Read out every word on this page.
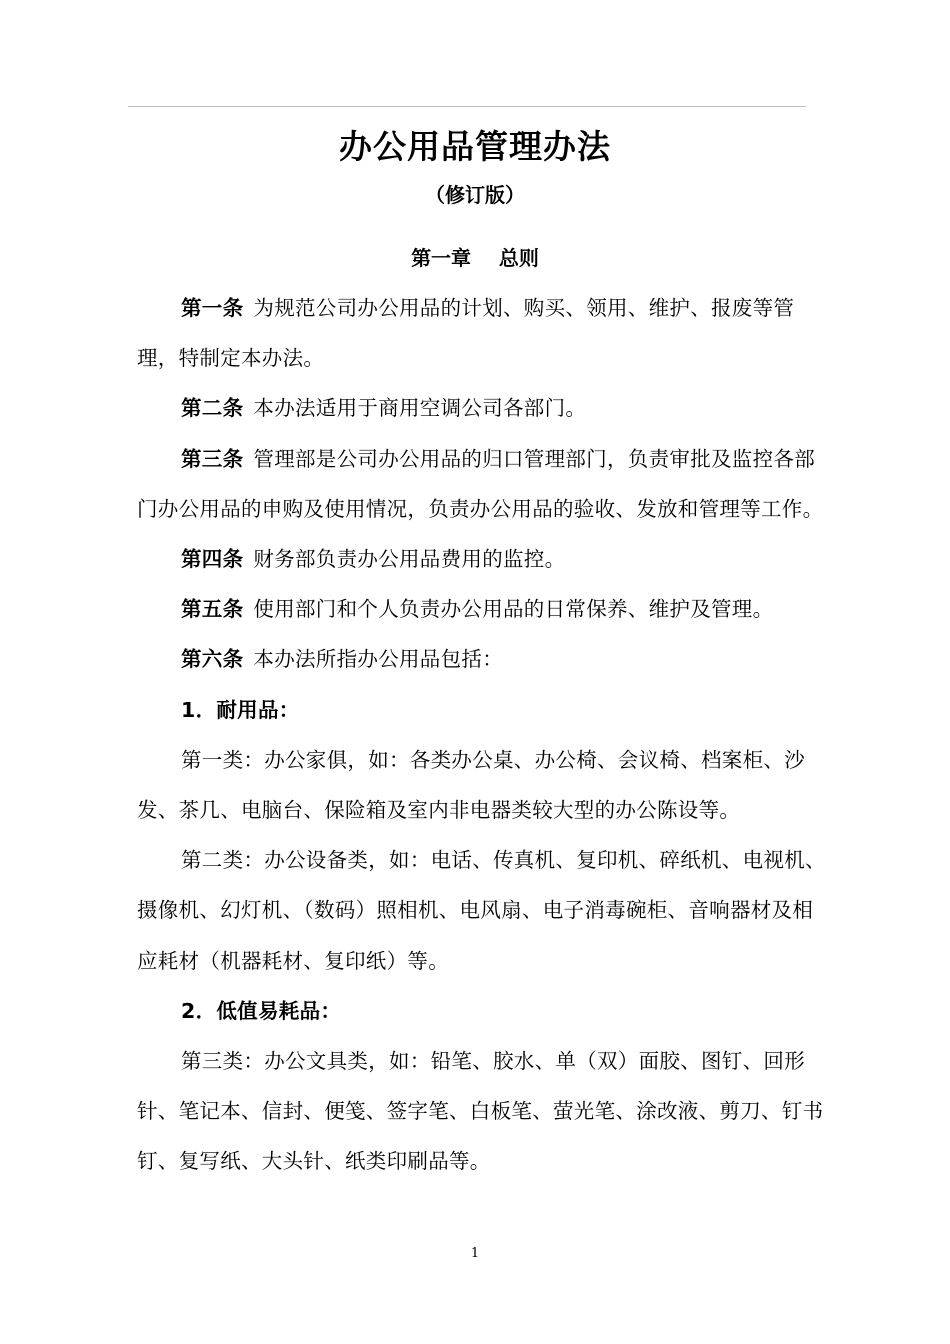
办公用品管理办法
（修订版）
第一章    总则

第一条 为规范公司办公用品的计划、购买、领用、维护、报废等管理，特制定本办法。

第二条 本办法适用于商用空调公司各部门。

第三条 管理部是公司办公用品的归口管理部门，负责审批及监控各部门办公用品的申购及使用情况，负责办公用品的验收、发放和管理等工作。

第四条 财务部负责办公用品费用的监控。

第五条 使用部门和个人负责办公用品的日常保养、维护及管理。

第六条 本办法所指办公用品包括：

1．耐用品：

第一类：办公家俱，如：各类办公桌、办公椅、会议椅、档案柜、沙发、茶几、电脑台、保险箱及室内非电器类较大型的办公陈设等。

第二类：办公设备类，如：电话、传真机、复印机、碎纸机、电视机、摄像机、幻灯机、（数码）照相机、电风扇、电子消毒碗柜、音响器材及相应耗材（机器耗材、复印纸）等。

2．低值易耗品：

第三类：办公文具类，如：铅笔、胶水、单（双）面胶、图钉、回形针、笔记本、信封、便笺、签字笔、白板笔、萤光笔、涂改液、剪刀、钉书钉、复写纸、大头针、纸类印刷品等。

1
